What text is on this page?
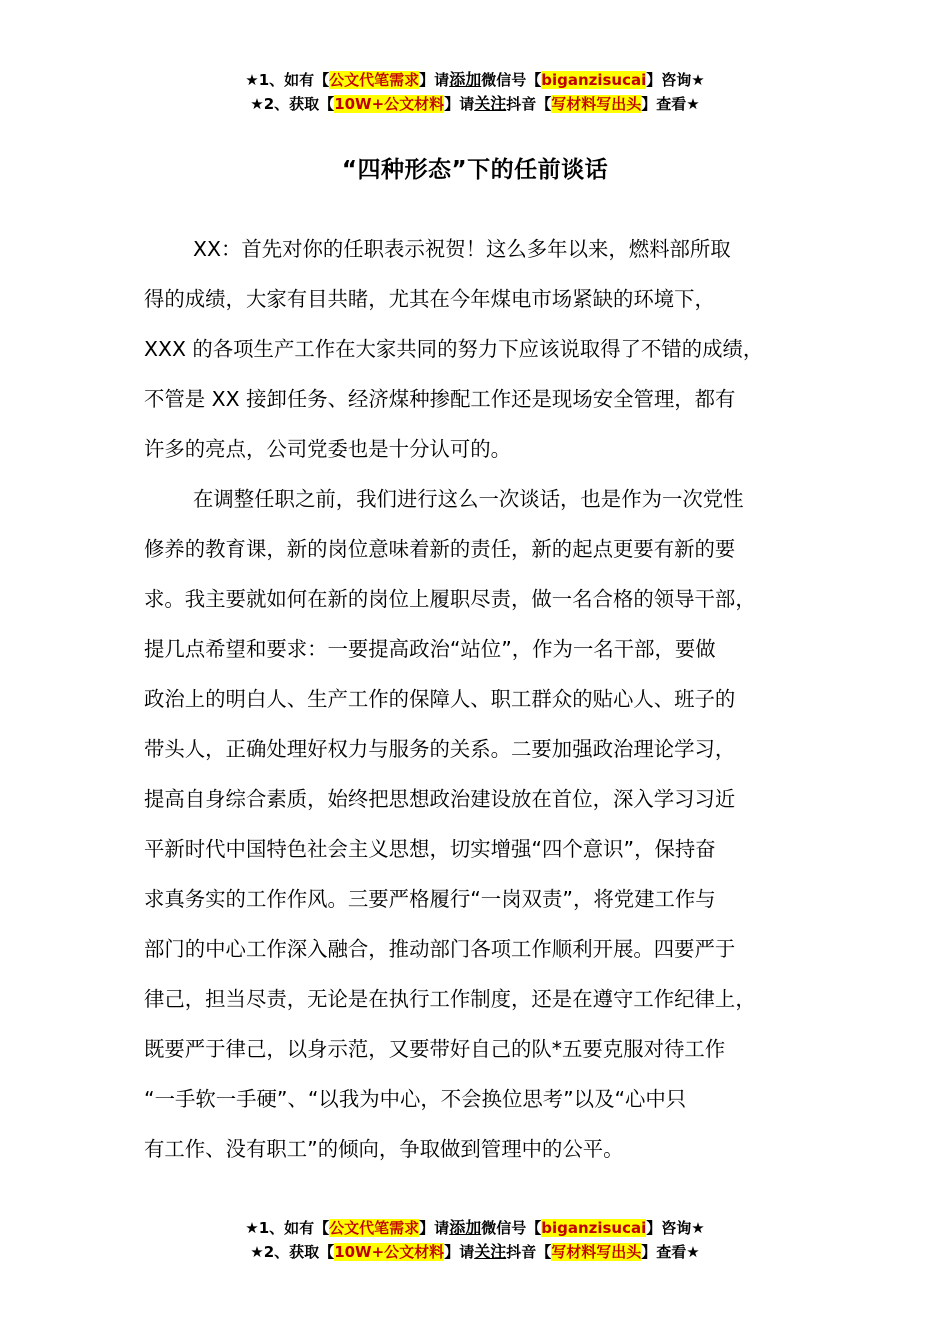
★1、如有【公文代笔需求】请添加微信号【biganzisucai】咨询★
★2、获取【10W+公文材料】请关注抖音【写材料写出头】查看★
“四种形态”下的任前谈话

XX：首先对你的任职表示祝贺！这么多年以来，燃料部所取
得的成绩，大家有目共睹，尤其在今年煤电市场紧缺的环境下，
XXX 的各项生产工作在大家共同的努力下应该说取得了不错的成绩，
不管是 XX 接卸任务、经济煤种掺配工作还是现场安全管理，都有
许多的亮点，公司党委也是十分认可的。

在调整任职之前，我们进行这么一次谈话，也是作为一次党性
修养的教育课，新的岗位意味着新的责任，新的起点更要有新的要
求。我主要就如何在新的岗位上履职尽责，做一名合格的领导干部，
提几点希望和要求：一要提高政治“站位”，作为一名干部，要做
政治上的明白人、生产工作的保障人、职工群众的贴心人、班子的
带头人，正确处理好权力与服务的关系。二要加强政治理论学习，
提高自身综合素质，始终把思想政治建设放在首位，深入学习习近
平新时代中国特色社会主义思想，切实增强“四个意识”，保持奋
求真务实的工作作风。三要严格履行“一岗双责”，将党建工作与
部门的中心工作深入融合，推动部门各项工作顺利开展。四要严于
律己，担当尽责，无论是在执行工作制度，还是在遵守工作纪律上，
既要严于律己，以身示范，又要带好自己的队*五要克服对待工作
“一手软一手硬”、“以我为中心，不会换位思考”以及“心中只
有工作、没有职工”的倾向，争取做到管理中的公平。

★1、如有【公文代笔需求】请添加微信号【biganzisucai】咨询★
★2、获取【10W+公文材料】请关注抖音【写材料写出头】查看★
